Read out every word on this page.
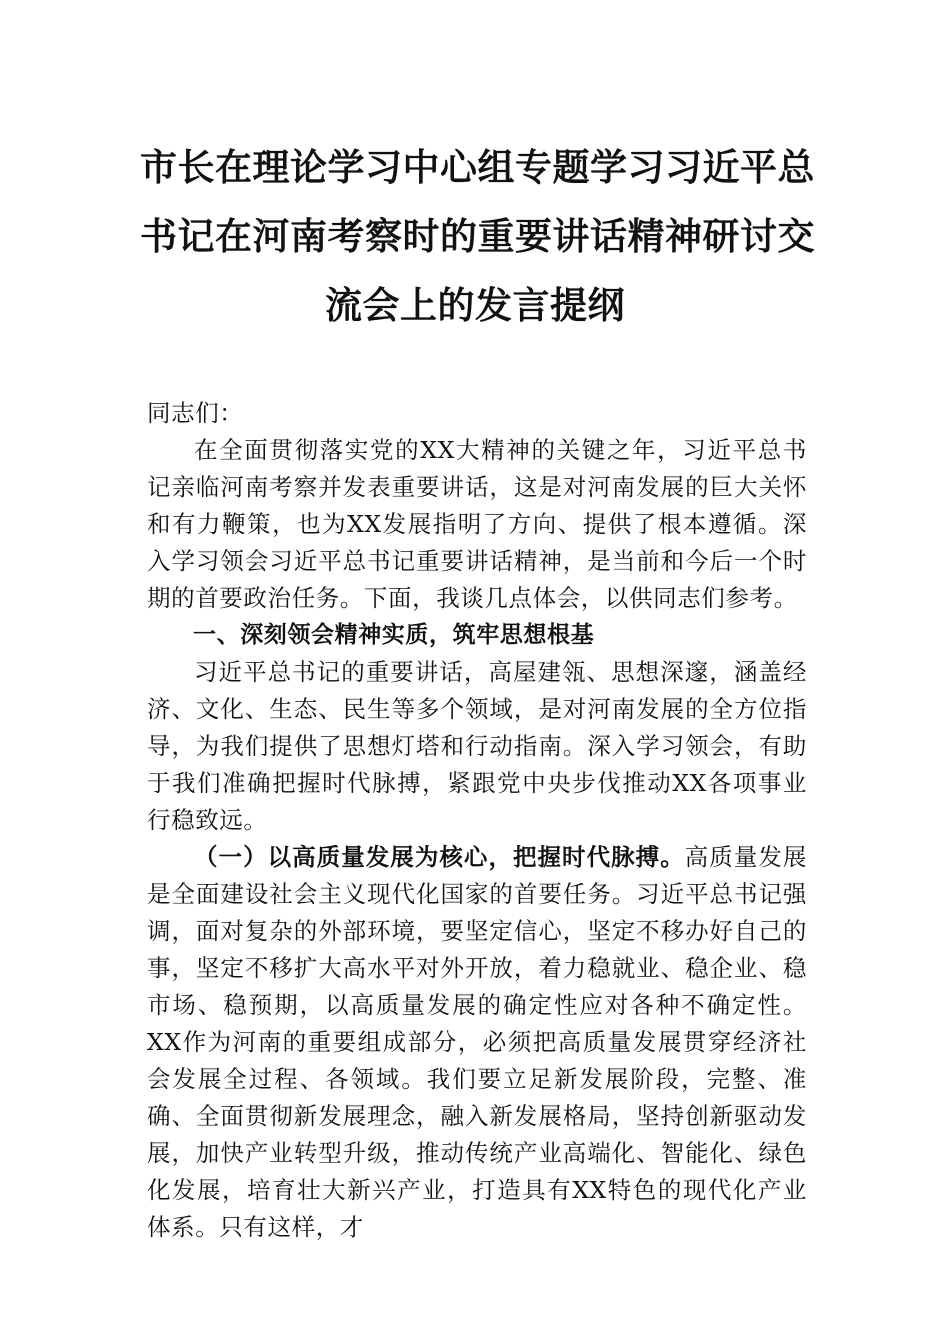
市长在理论学习中心组专题学习习近平总
书记在河南考察时的重要讲话精神研讨交
流会上的发言提纲

同志们：

在全面贯彻落实党的XX大精神的关键之年，习近平总书记亲临河南考察并发表重要讲话，这是对河南发展的巨大关怀和有力鞭策，也为XX发展指明了方向、提供了根本遵循。深入学习领会习近平总书记重要讲话精神，是当前和今后一个时期的首要政治任务。下面，我谈几点体会，以供同志们参考。

一、深刻领会精神实质，筑牢思想根基

习近平总书记的重要讲话，高屋建瓴、思想深邃，涵盖经济、文化、生态、民生等多个领域，是对河南发展的全方位指导，为我们提供了思想灯塔和行动指南。深入学习领会，有助于我们准确把握时代脉搏，紧跟党中央步伐推动XX各项事业行稳致远。

（一）以高质量发展为核心，把握时代脉搏。高质量发展是全面建设社会主义现代化国家的首要任务。习近平总书记强调，面对复杂的外部环境，要坚定信心，坚定不移办好自己的事，坚定不移扩大高水平对外开放，着力稳就业、稳企业、稳市场、稳预期，以高质量发展的确定性应对各种不确定性。XX作为河南的重要组成部分，必须把高质量发展贯穿经济社会发展全过程、各领域。我们要立足新发展阶段，完整、准确、全面贯彻新发展理念，融入新发展格局，坚持创新驱动发展，加快产业转型升级，推动传统产业高端化、智能化、绿色化发展，培育壮大新兴产业，打造具有XX特色的现代化产业体系。只有这样，才
